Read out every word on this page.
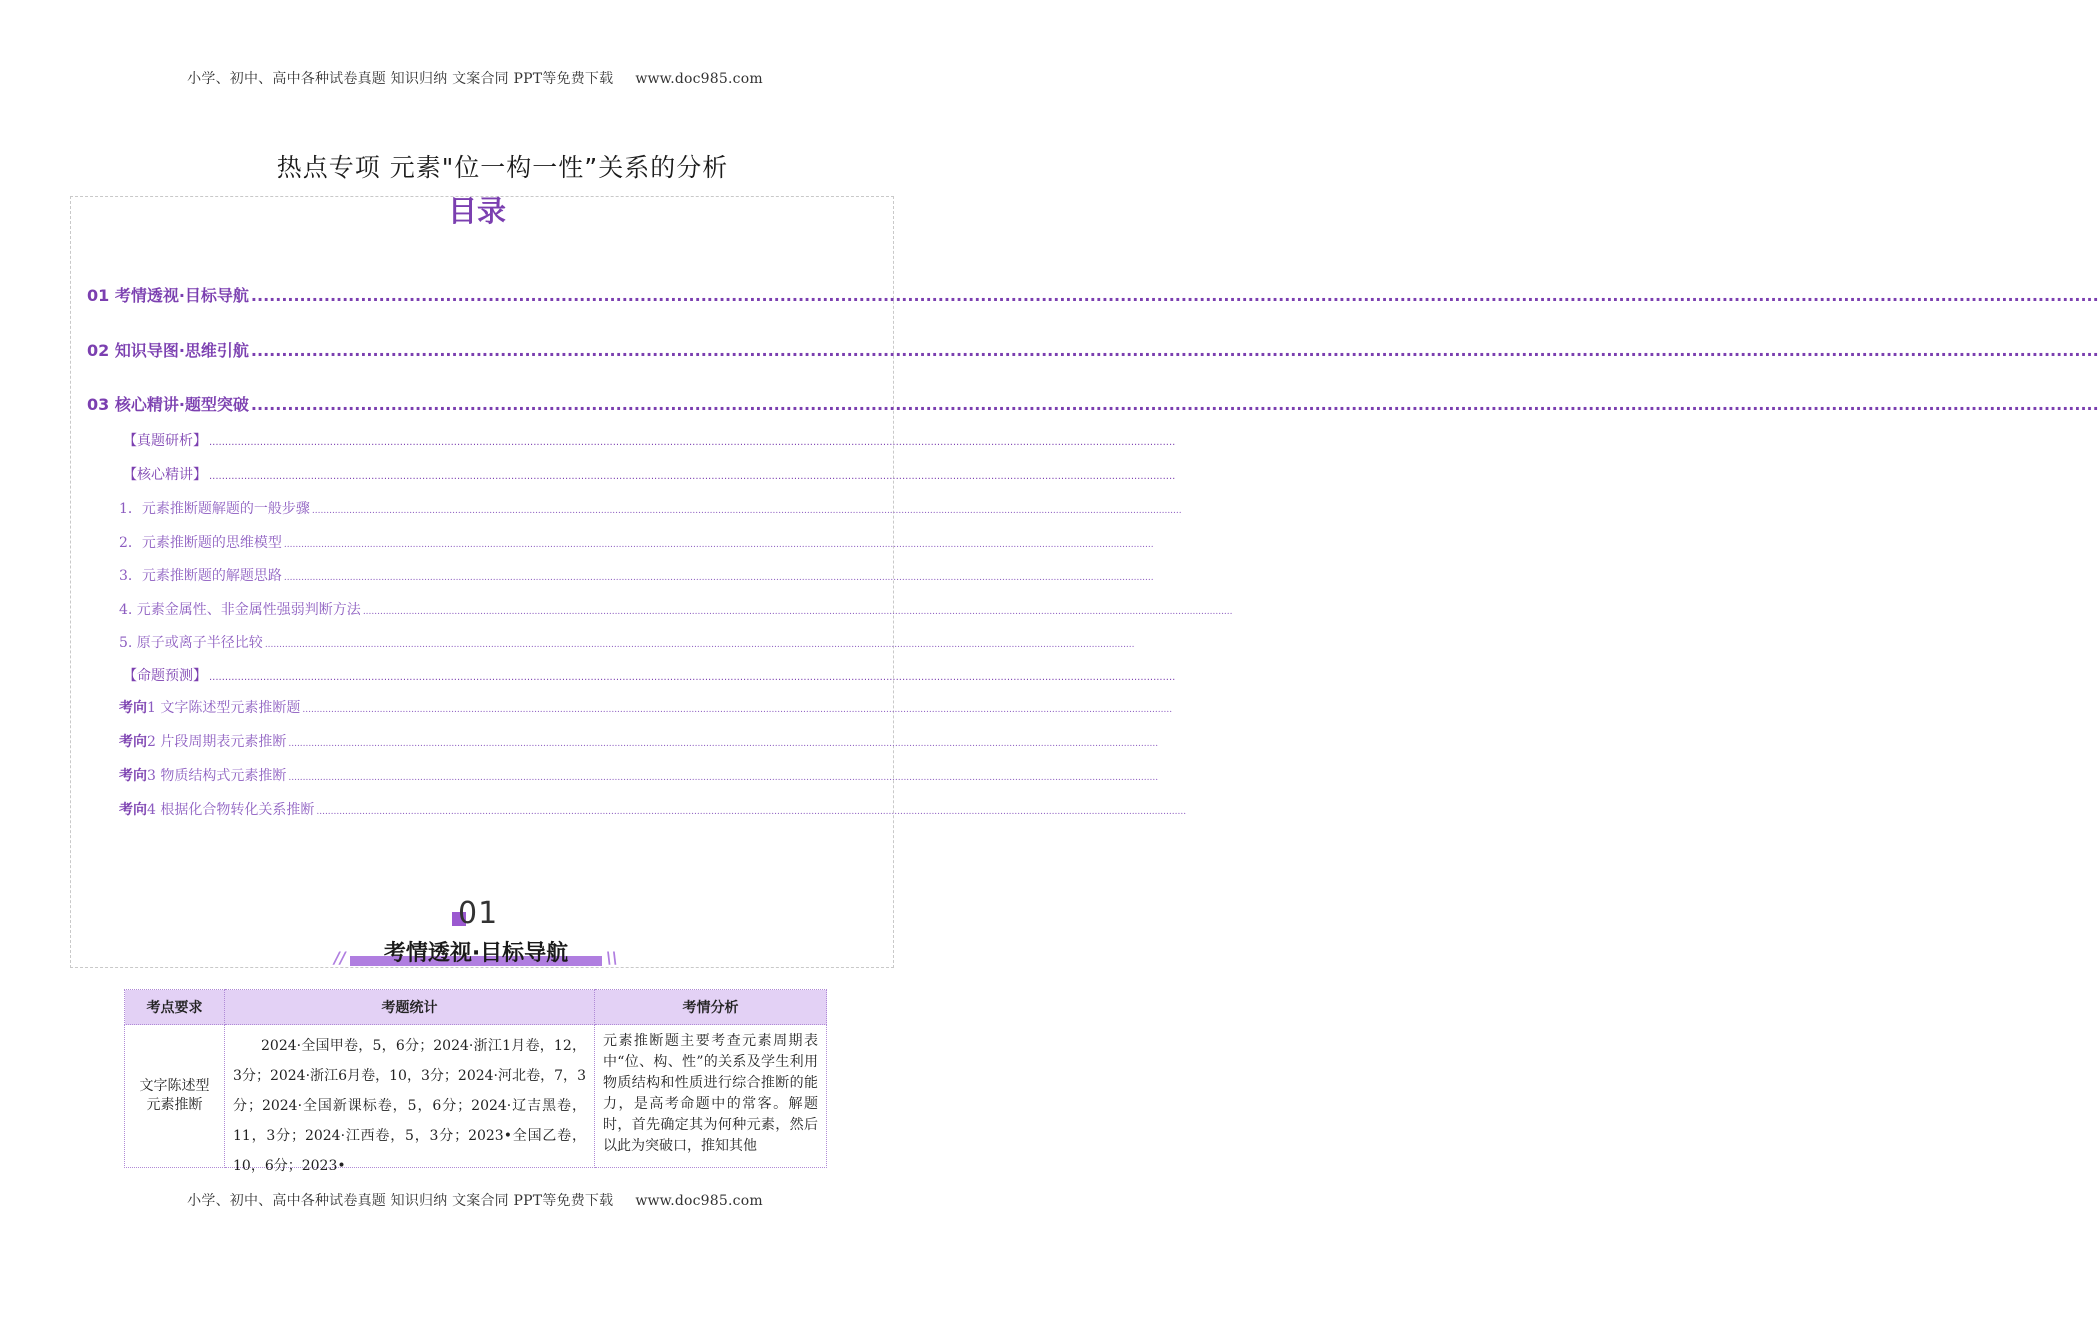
小学、初中、高中各种试卷真题 知识归纳 文案合同 PPT等免费下载 www.doc985.com
热点专项 元素"位一构一性”关系的分析
目录
01 考情透视·目标导航 ................................................................................................................................................................................................................................................................................................................
02 知识导图·思维引航 ................................................................................................................................................................................................................................................................................................................
03 核心精讲·题型突破 ................................................................................................................................................................................................................................................................................................................
【真题研析】 ................................................................................................................................................................................................................................................................................................................
【核心精讲】 ................................................................................................................................................................................................................................................................................................................
1．元素推断题解题的一般步骤 ................................................................................................................................................................................................................................................................................................................
2．元素推断题的思维模型 ................................................................................................................................................................................................................................................................................................................
3．元素推断题的解题思路 ................................................................................................................................................................................................................................................................................................................
4. 元素金属性、非金属性强弱判断方法 ................................................................................................................................................................................................................................................................................................................
5. 原子或离子半径比较 ................................................................................................................................................................................................................................................................................................................
【命题预测】 ................................................................................................................................................................................................................................................................................................................
考向1 文字陈述型元素推断题 ................................................................................................................................................................................................................................................................................................................
考向2 片段周期表元素推断 ................................................................................................................................................................................................................................................................................................................
考向3 物质结构式元素推断 ................................................................................................................................................................................................................................................................................................................
考向4 根据化合物转化关系推断 ................................................................................................................................................................................................................................................................................................................
01
//	\\
考情透视·目标导航
考点要求	考题统计	考情分析

文字陈述型元素推断	2024·全国甲卷，5，6分；2024·浙江1月卷，12，3分；2024·浙江6月卷，10，3分；2024·河北卷，7，3分；2024·全国新课标卷，5，6分；2024·辽吉黑卷，11，3分；2024·江西卷，5，3分；2023•全国乙卷，10，6分；2023•	元素推断题主要考查元素周期表中“位、构、性”的关系及学生利用物质结构和性质进行综合推断的能力，是高考命题中的常客。解题时，首先确定其为何种元素，然后以此为突破口，推知其他
小学、初中、高中各种试卷真题 知识归纳 文案合同 PPT等免费下载 www.doc985.com
